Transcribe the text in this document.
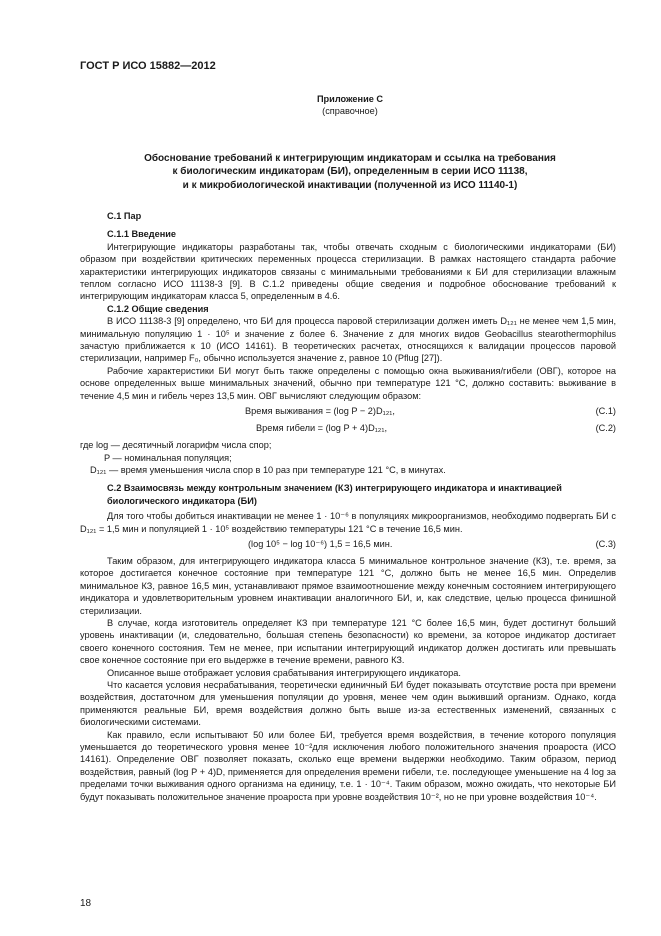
ГОСТ Р ИСО 15882—2012
Приложение С
(справочное)
Обоснование требований к интегрирующим индикаторам и ссылка на требования
к биологическим индикаторам (БИ), определенным в серии ИСО 11138,
и к микробиологической инактивации (полученной из ИСО 11140-1)
С.1 Пар
С.1.1 Введение

Интегрирующие индикаторы разработаны так, чтобы отвечать сходным с биологическими индикаторами (БИ) образом при воздействии критических переменных процесса стерилизации. В рамках настоящего стандарта рабочие характеристики интегрирующих индикаторов связаны с минимальными требованиями к БИ для стерилизации влажным теплом согласно ИСО 11138-3 [9]. В С.1.2 приведены общие сведения и подробное обоснование требований к интегрирующим индикаторам класса 5, определенным в 4.6.

С.1.2 Общие сведения

В ИСО 11138-3 [9] определено, что БИ для процесса паровой стерилизации должен иметь D₁₂₁ не менее чем 1,5 мин, минимальную популяцию 1 · 10⁵ и значение z более 6. Значение z для многих видов Geobacillus stearothermophilus зачастую приближается к 10 (ИСО 14161). В теоретических расчетах, относящихся к валидации процессов паровой стерилизации, например F₀, обычно используется значение z, равное 10 (Pflug [27]).

Рабочие характеристики БИ могут быть также определены с помощью окна выживания/гибели (ОВГ), которое на основе определенных выше минимальных значений, обычно при температуре 121 °С, должно составить: выживание в течение 4,5 мин и гибель через 13,5 мин. ОВГ вычисляют следующим образом:

Время выживания = (log P − 2)D₁₂₁,	(С.1)
Время гибели = (log P + 4)D₁₂₁,	(С.2)
где log — десятичный логарифм числа спор;
P — номинальная популяция;
D₁₂₁ — время уменьшения числа спор в 10 раз при температуре 121 °С, в минутах.
С.2 Взаимосвязь между контрольным значением (КЗ) интегрирующего индикатора и инактивацией биологического индикатора (БИ)

Для того чтобы добиться инактивации не менее 1 · 10⁻⁶ в популяциях микроорганизмов, необходимо подвергать БИ с D₁₂₁ = 1,5 мин и популяцией 1 · 10⁵ воздействию температуры 121 °С в течение 16,5 мин.

(log 10⁵ − log 10⁻⁶) 1,5 = 16,5 мин.	(С.3)

Таким образом, для интегрирующего индикатора класса 5 минимальное контрольное значение (КЗ), т.е. время, за которое достигается конечное состояние при температуре 121 °С, должно быть не менее 16,5 мин. Определив минимальное КЗ, равное 16,5 мин, устанавливают прямое взаимоотношение между конечным состоянием интегрирующего индикатора и удовлетворительным уровнем инактивации аналогичного БИ, и, как следствие, целью процесса финишной стерилизации.

В случае, когда изготовитель определяет КЗ при температуре 121 °С более 16,5 мин, будет достигнут больший уровень инактивации (и, следовательно, большая степень безопасности) ко времени, за которое индикатор достигает своего конечного состояния. Тем не менее, при испытании интегрирующий индикатор должен достигать или превышать свое конечное состояние при его выдержке в течение времени, равного КЗ.

Описанное выше отображает условия срабатывания интегрирующего индикатора.

Что касается условия несрабатывания, теоретически единичный БИ будет показывать отсутствие роста при времени воздействия, достаточном для уменьшения популяции до уровня, менее чем один выживший организм. Однако, когда применяются реальные БИ, время воздействия должно быть выше из-за естественных изменений, связанных с биологическими системами.

Как правило, если испытывают 50 или более БИ, требуется время воздействия, в течение которого популяция уменьшается до теоретического уровня менее 10⁻²для исключения любого положительного значения проароста (ИСО 14161). Определение ОВГ позволяет показать, сколько еще времени выдержки необходимо. Таким образом, период воздействия, равный (log P + 4)D, применяется для определения времени гибели, т.е. последующее уменьшение на 4 log за пределами точки выживания одного организма на единицу, т.е. 1 · 10⁻⁴. Таким образом, можно ожидать, что некоторые БИ будут показывать положительное значение проароста при уровне воздействия 10⁻², но не при уровне воздействия 10⁻⁴.

18
